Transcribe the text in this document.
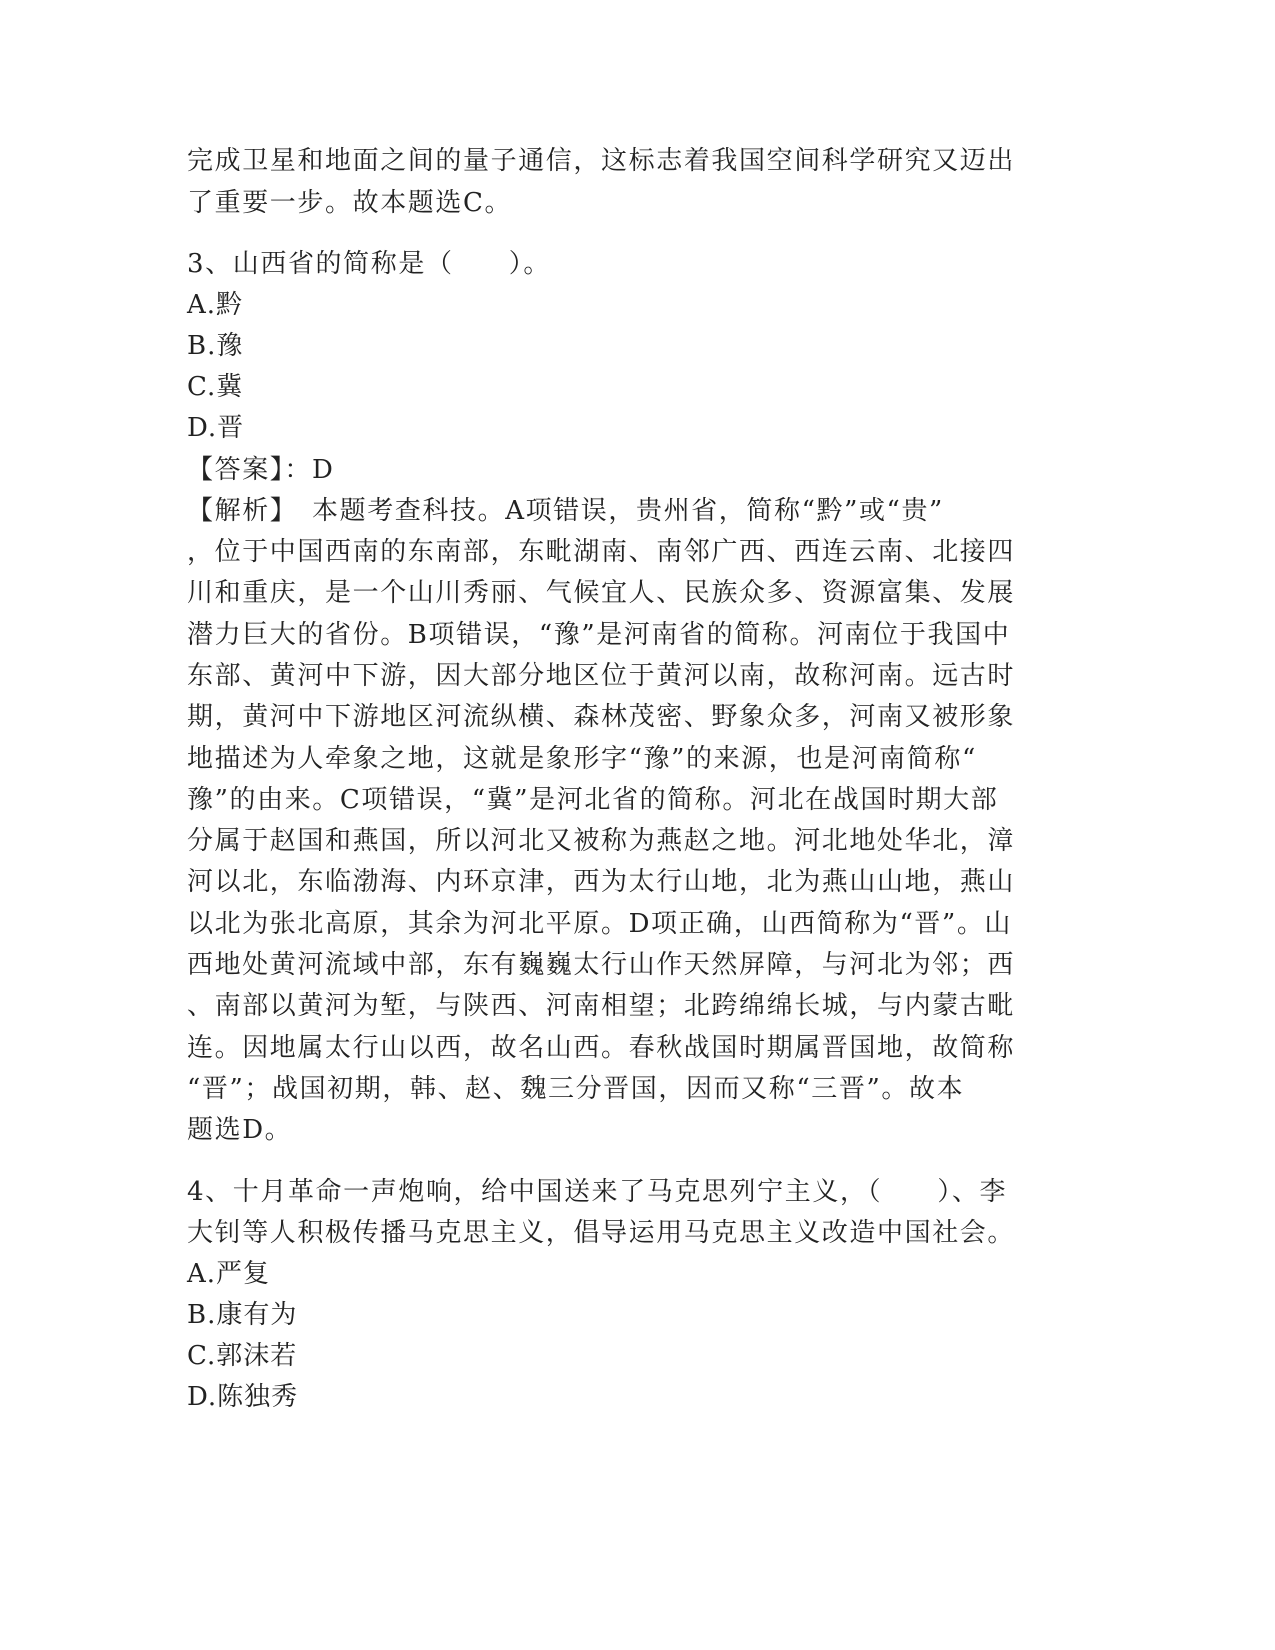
完成卫星和地面之间的量子通信，这标志着我国空间科学研究又迈出
了重要一步。故本题选C。
3、山西省的简称是（　　）。
A.黔
B.豫
C.冀
D.晋
【答案】：D
【解析】　本题考查科技。A项错误，贵州省，简称“黔”或“贵”
，位于中国西南的东南部，东毗湖南、南邻广西、西连云南、北接四
川和重庆，是一个山川秀丽、气候宜人、民族众多、资源富集、发展
潜力巨大的省份。B项错误，“豫”是河南省的简称。河南位于我国中
东部、黄河中下游，因大部分地区位于黄河以南，故称河南。远古时
期，黄河中下游地区河流纵横、森林茂密、野象众多，河南又被形象
地描述为人牵象之地，这就是象形字“豫”的来源，也是河南简称“
豫”的由来。C项错误，“冀”是河北省的简称。河北在战国时期大部
分属于赵国和燕国，所以河北又被称为燕赵之地。河北地处华北，漳
河以北，东临渤海、内环京津，西为太行山地，北为燕山山地，燕山
以北为张北高原，其余为河北平原。D项正确，山西简称为“晋”。山
西地处黄河流域中部，东有巍巍太行山作天然屏障，与河北为邻；西
、南部以黄河为堑，与陕西、河南相望；北跨绵绵长城，与内蒙古毗
连。因地属太行山以西，故名山西。春秋战国时期属晋国地，故简称
“晋”；战国初期，韩、赵、魏三分晋国，因而又称“三晋”。故本
题选D。
4、十月革命一声炮响，给中国送来了马克思列宁主义，（　　）、李
大钊等人积极传播马克思主义，倡导运用马克思主义改造中国社会。
A.严复
B.康有为
C.郭沫若
D.陈独秀
